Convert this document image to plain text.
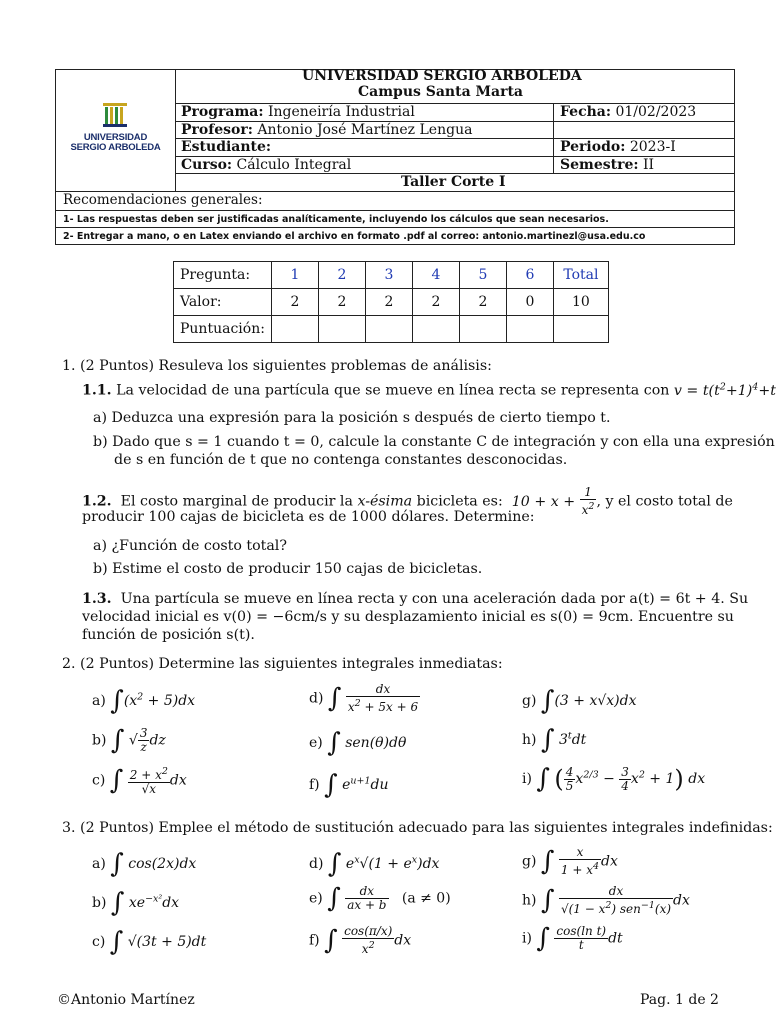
UNIVERSIDAD
SERGIO ARBOLEDA
UNIVERSIDAD SERGIO ARBOLEDA
Campus Santa Marta
Programa: Ingeneiría Industrial	Fecha: 01/02/2023
Profesor: Antonio José Martínez Lengua
Estudiante:	Periodo: 2023-I
Curso: Cálculo Integral	Semestre: II
Taller Corte I
Recomendaciones generales:
1- Las respuestas deben ser justificadas analíticamente, incluyendo los cálculos que sean necesarios.
2- Entregar a mano, o en Latex enviando el archivo en formato .pdf al correo: antonio.martinezl@usa.edu.co
Pregunta:	1	2	3	4	5	6	Total
Valor:	2	2	2	2	2	0	10
Puntuación:							
1. (2 Puntos) Resuleva los siguientes problemas de análisis:
1.1. La velocidad de una partícula que se mueve en línea recta se representa con $v = t(t^2+1)^4+t$
a) Deduzca una expresión para la posición s después de cierto tiempo t.
b) Dado que s = 1 cuando t = 0, calcule la constante C de integración y con ella una expresión
de s en función de t que no contenga constantes desconocidas.
1.2. El costo marginal de producir la x-ésima bicicleta es:  $10 + x + \frac{1}{x^2}$ , y el costo total de
producir 100 cajas de bicicleta es de 1000 dólares. Determine:
a) ¿Función de costo total?
b) Estime el costo de producir 150 cajas de bicicletas.
1.3. Una partícula se mueve en línea recta y con una aceleración dada por a(t) = 6t + 4. Su
velocidad inicial es v(0) = −6cm/s y su desplazamiento inicial es s(0) = 9cm. Encuentre su
función de posición s(t).
2. (2 Puntos) Determine las siguientes integrales inmediatas:
a) $\int(x^2 + 5)dx$	d) ∫ $\frac{dx}{x^2 + 5x + 6}$	g) ∫(3 + x√x)dx
b) ∫ √ $\frac{3}{z}$ dz	e) ∫ sen(θ)dθ	h) ∫ 3$^t$dt
c) ∫ $\frac{2 + x^2}{√x}$ dx	f) ∫ $e^{u+1}du$	i) ∫ ( $\frac{4}{5} x^{2/3} - \frac{3}{4} x^2 + 1$) dx
3. (2 Puntos) Emplee el método de sustitución adecuado para las siguientes integrales indefinidas:
a) ∫ cos(2x)dx	d) ∫ $e^x√(1 + e^x)dx$	g) ∫ $\frac{x}{1 + x^4}$ dx
b) ∫ $xe^{-x^2}dx$	e) ∫ $\frac{dx}{ax + b} (a \ne 0)$	h) ∫ $\frac{dx}{√(1 - x^2) sen^{-1}(x)}$ dx
c) ∫ √(3t + 5)dt	f) ∫ $\frac{\cos(\pi/x)}{x^2}$ dx	i) ∫ $\frac{\text{cos(ln t)}}{t}$ dt
©Antonio Martínez	Pag. 1 de 2
